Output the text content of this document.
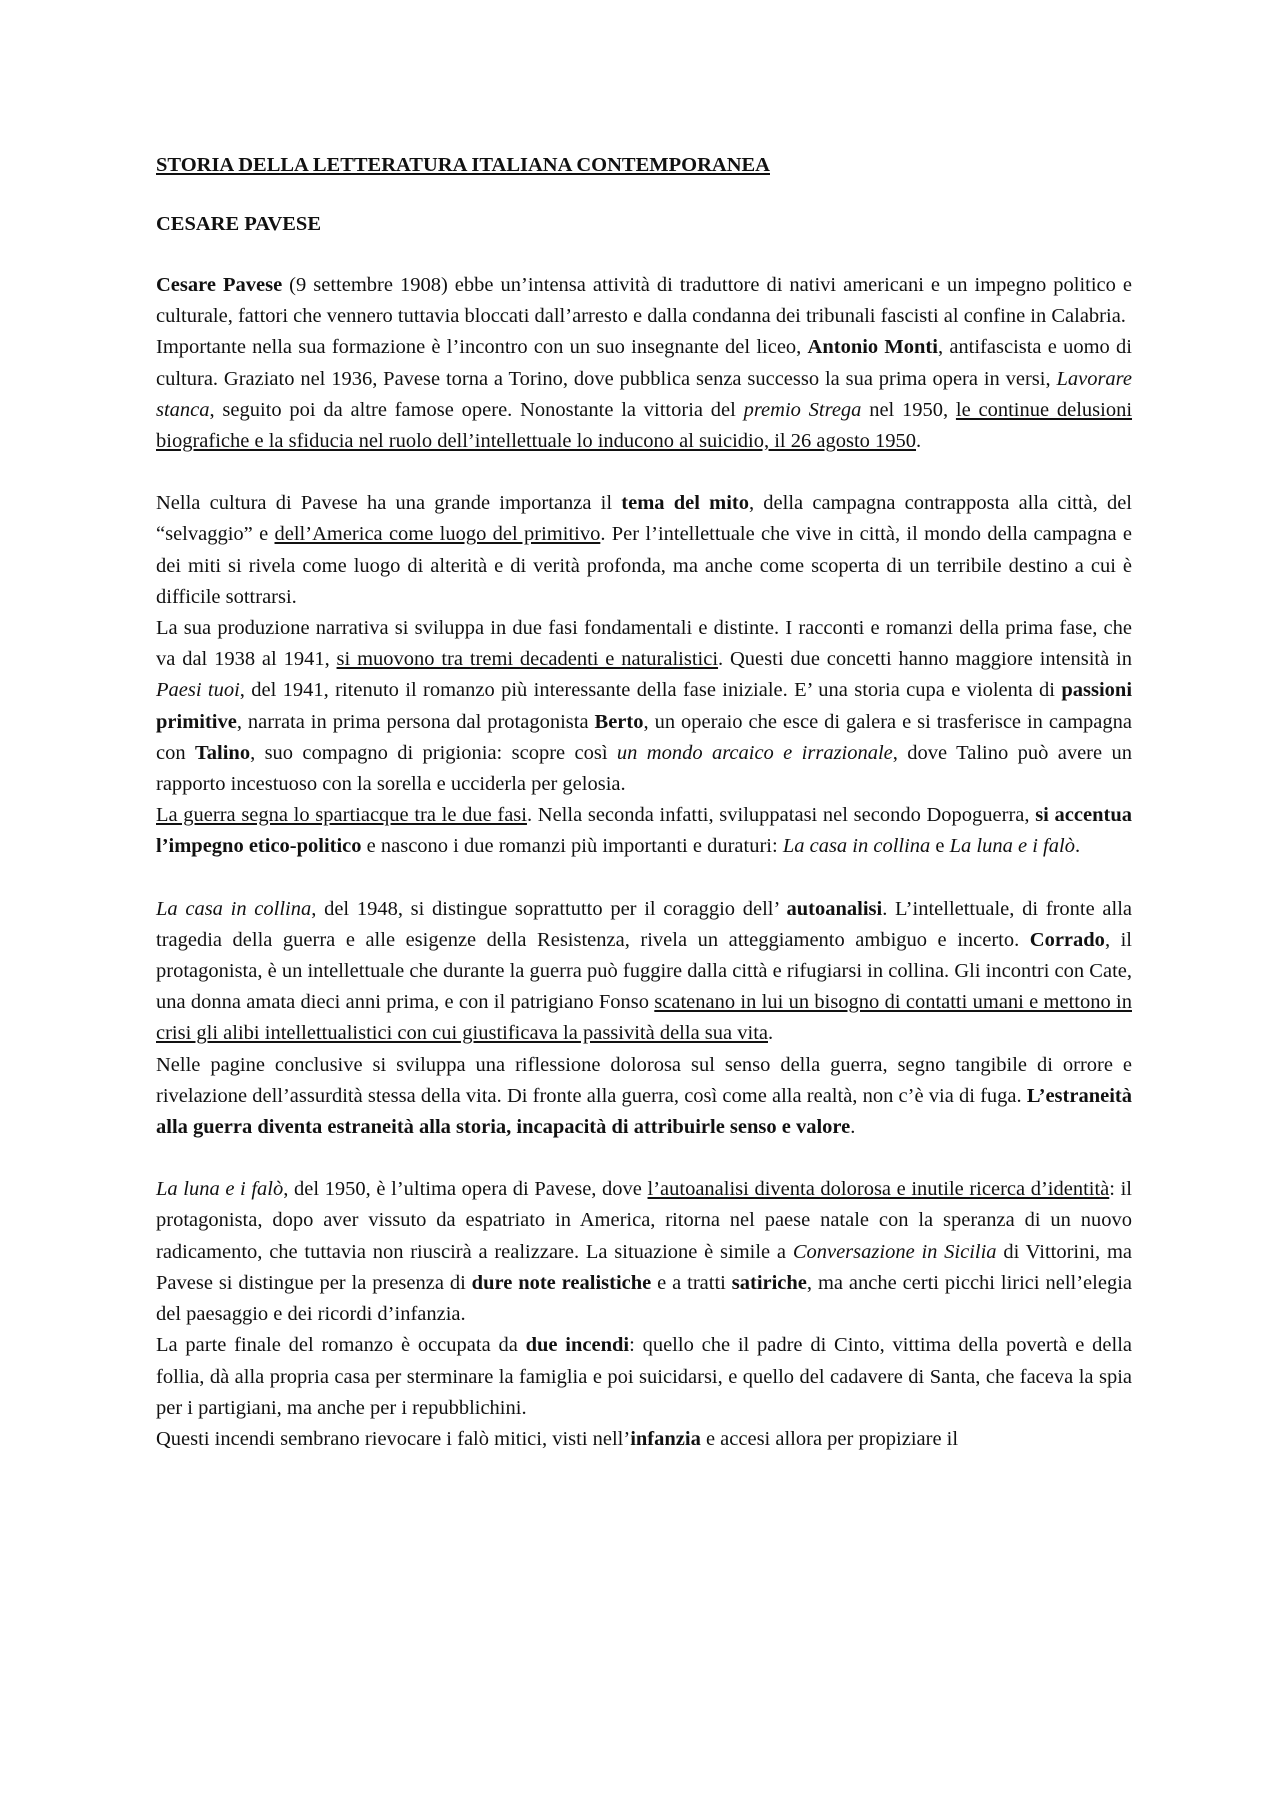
STORIA DELLA LETTERATURA ITALIANA CONTEMPORANEA
CESARE PAVESE

Cesare Pavese (9 settembre 1908) ebbe un’intensa attività di traduttore di nativi americani e un impegno politico e culturale, fattori che vennero tuttavia bloccati dall’arresto e dalla condanna dei tribunali fascisti al confine in Calabria.

Importante nella sua formazione è l’incontro con un suo insegnante del liceo, Antonio Monti, antifascista e uomo di cultura. Graziato nel 1936, Pavese torna a Torino, dove pubblica senza successo la sua prima opera in versi, Lavorare stanca, seguito poi da altre famose opere. Nonostante la vittoria del premio Strega nel 1950, le continue delusioni biografiche e la sfiducia nel ruolo dell’intellettuale lo inducono al suicidio, il 26 agosto 1950.

Nella cultura di Pavese ha una grande importanza il tema del mito, della campagna contrapposta alla città, del “selvaggio” e dell’America come luogo del primitivo. Per l’intellettuale che vive in città, il mondo della campagna e dei miti si rivela come luogo di alterità e di verità profonda, ma anche come scoperta di un terribile destino a cui è difficile sottrarsi.

La sua produzione narrativa si sviluppa in due fasi fondamentali e distinte. I racconti e romanzi della prima fase, che va dal 1938 al 1941, si muovono tra tremi decadenti e naturalistici. Questi due concetti hanno maggiore intensità in Paesi tuoi, del 1941, ritenuto il romanzo più interessante della fase iniziale. E’ una storia cupa e violenta di passioni primitive, narrata in prima persona dal protagonista Berto, un operaio che esce di galera e si trasferisce in campagna con Talino, suo compagno di prigionia: scopre così un mondo arcaico e irrazionale, dove Talino può avere un rapporto incestuoso con la sorella e ucciderla per gelosia.

La guerra segna lo spartiacque tra le due fasi. Nella seconda infatti, sviluppatasi nel secondo Dopoguerra, si accentua l’impegno etico-politico e nascono i due romanzi più importanti e duraturi: La casa in collina e La luna e i falò.

La casa in collina, del 1948, si distingue soprattutto per il coraggio dell’ autoanalisi. L’intellettuale, di fronte alla tragedia della guerra e alle esigenze della Resistenza, rivela un atteggiamento ambiguo e incerto. Corrado, il protagonista, è un intellettuale che durante la guerra può fuggire dalla città e rifugiarsi in collina. Gli incontri con Cate, una donna amata dieci anni prima, e con il patrigiano Fonso scatenano in lui un bisogno di contatti umani e mettono in crisi gli alibi intellettualistici con cui giustificava la passività della sua vita.

Nelle pagine conclusive si sviluppa una riflessione dolorosa sul senso della guerra, segno tangibile di orrore e rivelazione dell’assurdità stessa della vita. Di fronte alla guerra, così come alla realtà, non c’è via di fuga. L’estraneità alla guerra diventa estraneità alla storia, incapacità di attribuirle senso e valore.

La luna e i falò, del 1950, è l’ultima opera di Pavese, dove l’autoanalisi diventa dolorosa e inutile ricerca d’identità: il protagonista, dopo aver vissuto da espatriato in America, ritorna nel paese natale con la speranza di un nuovo radicamento, che tuttavia non riuscirà a realizzare. La situazione è simile a Conversazione in Sicilia di Vittorini, ma Pavese si distingue per la presenza di dure note realistiche e a tratti satiriche, ma anche certi picchi lirici nell’elegia del paesaggio e dei ricordi d’infanzia.

La parte finale del romanzo è occupata da due incendi: quello che il padre di Cinto, vittima della povertà e della follia, dà alla propria casa per sterminare la famiglia e poi suicidarsi, e quello del cadavere di Santa, che faceva la spia per i partigiani, ma anche per i repubblichini.

Questi incendi sembrano rievocare i falò mitici, visti nell’infanzia e accesi allora per propiziare il
